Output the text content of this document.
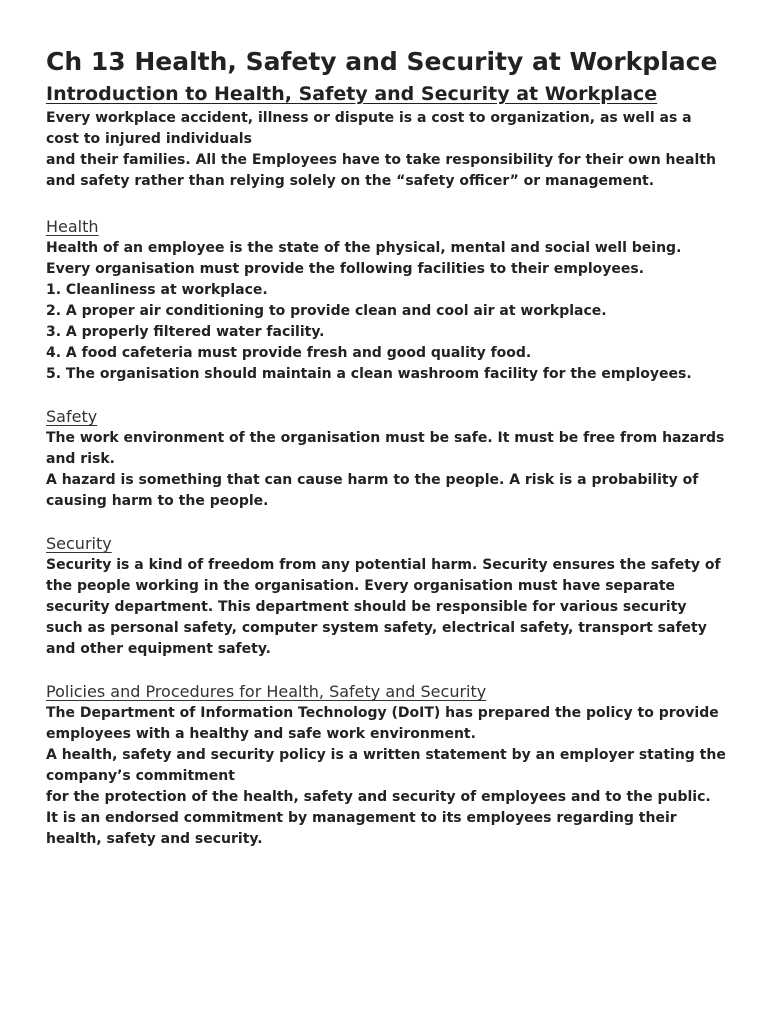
Ch 13 Health, Safety and Security at Workplace
Introduction to Health, Safety and Security at Workplace

Every workplace accident, illness or dispute is a cost to organization, as well as a cost to injured individuals

and their families. All the Employees have to take responsibility for their own health and safety rather than relying solely on the “safety officer” or management.

Health

Health of an employee is the state of the physical, mental and social well being. Every organisation must provide the following facilities to their employees.

1. Cleanliness at workplace.

2. A proper air conditioning to provide clean and cool air at workplace.

3. A properly filtered water facility.

4. A food cafeteria must provide fresh and good quality food.

5. The organisation should maintain a clean washroom facility for the employees.

Safety

The work environment of the organisation must be safe. It must be free from hazards and risk.

A hazard is something that can cause harm to the people. A risk is a probability of causing harm to the people.

Security

Security is a kind of freedom from any potential harm. Security ensures the safety of the people working in the organisation. Every organisation must have separate security department. This department should be responsible for various security such as personal safety, computer system safety, electrical safety, transport safety and other equipment safety.

Policies and Procedures for Health, Safety and Security

The Department of Information Technology (DoIT) has prepared the policy to provide employees with a healthy and safe work environment.

A health, safety and security policy is a written statement by an employer stating the company’s commitment

for the protection of the health, safety and security of employees and to the public. It is an endorsed commitment by management to its employees regarding their health, safety and security.
